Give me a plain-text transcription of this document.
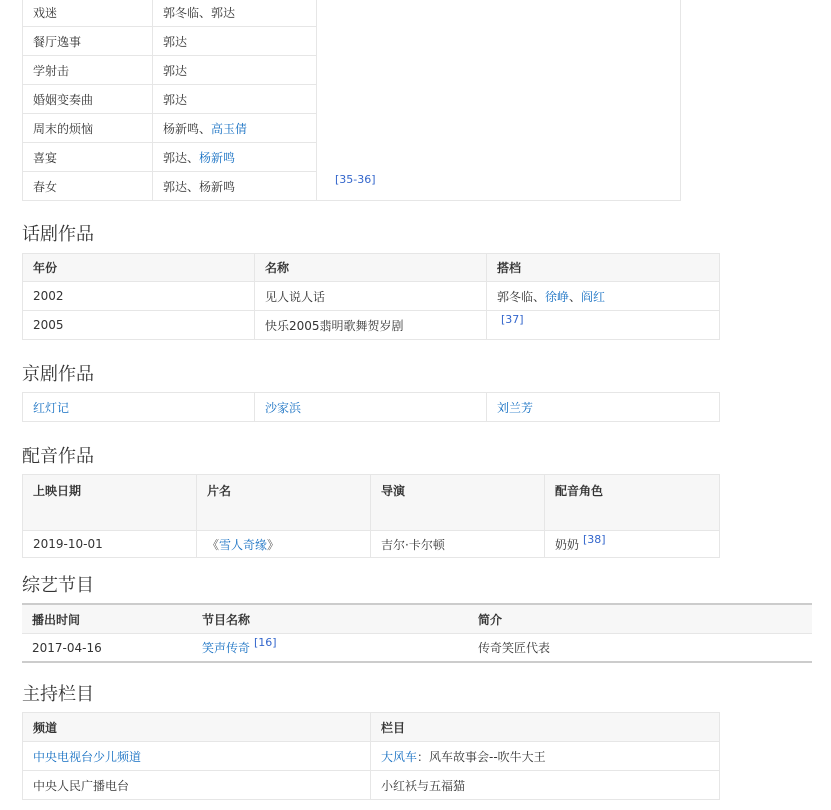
戏迷	郭冬临、郭达	[35-36]
餐厅逸事	郭达	
学射击	郭达	
婚姻变奏曲	郭达	
周末的烦恼	杨新鸣、高玉倩	
喜宴	郭达、杨新鸣	
春女	郭达、杨新鸣	
话剧作品
年份	名称	搭档
2002	见人说人话	郭冬临、徐峥、阎红
2005	快乐2005翡明歌舞贺岁剧	[37]
京剧作品
红灯记	沙家浜	刘兰芳
配音作品
上映日期	片名	导演	配音角色
2019-10-01	《雪人奇缘》	吉尔·卡尔顿	奶奶 [38]
综艺节目
播出时间	节目名称	简介
2017-04-16	笑声传奇 [16]	传奇笑匠代表
主持栏目
频道	栏目
中央电视台少儿频道	大风车：风车故事会--吹牛大王
中央人民广播电台	小红袄与五福猫
